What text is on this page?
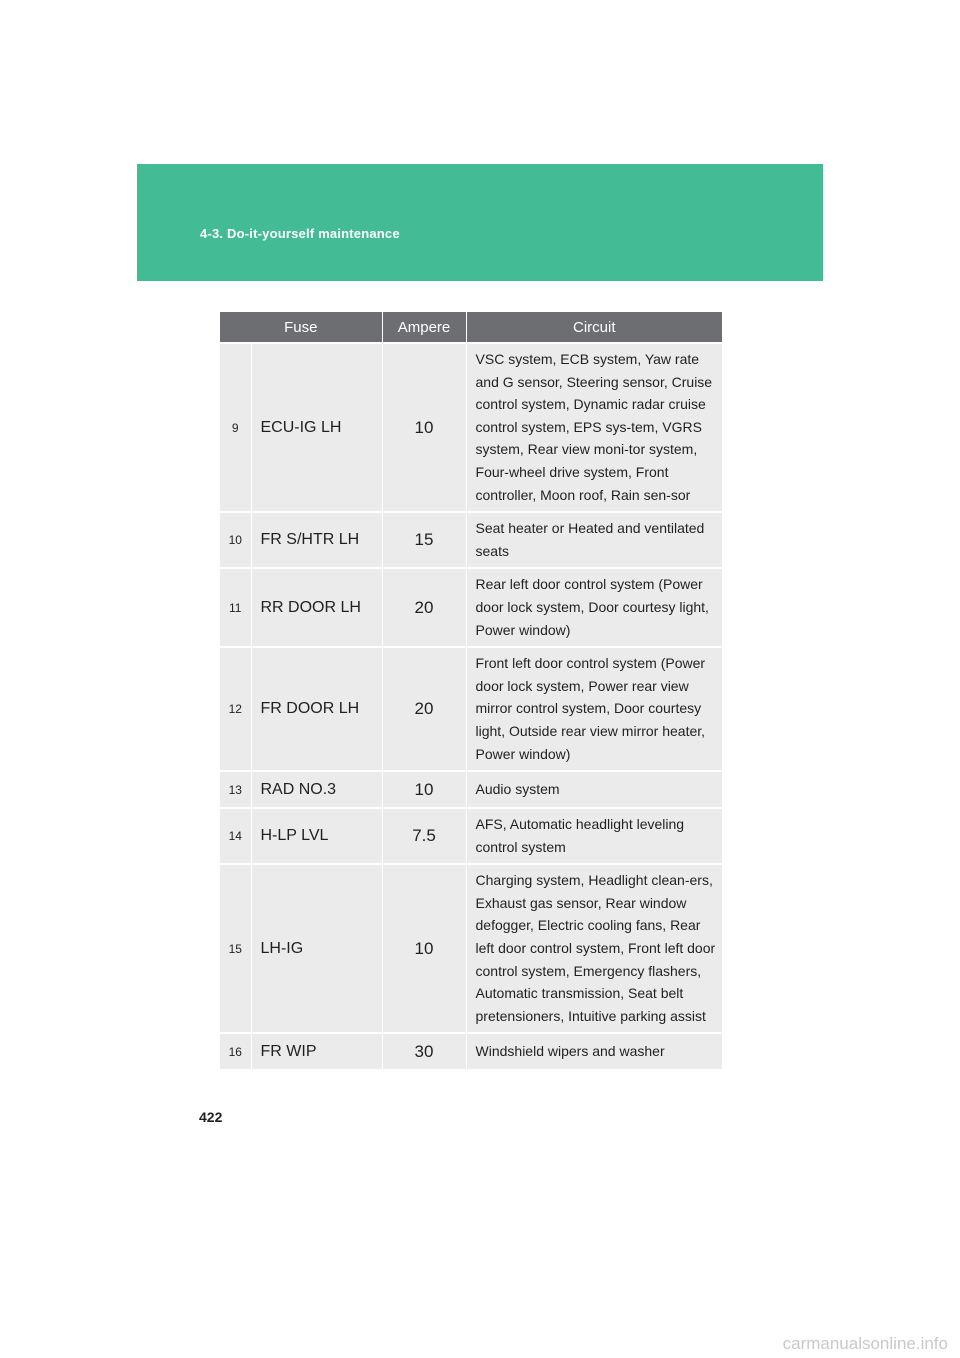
4-3. Do-it-yourself maintenance
Fuse		Ampere	Circuit
9	ECU-IG LH	10	VSC system, ECB system, Yaw rate and G sensor, Steering sensor, Cruise control system, Dynamic radar cruise control system, EPS sys-tem, VGRS system, Rear view moni-tor system, Four-wheel drive system, Front controller, Moon roof, Rain sen-sor
10	FR S/HTR LH	15	Seat heater or Heated and ventilated seats
11	RR DOOR LH	20	Rear left door control system (Power door lock system, Door courtesy light, Power window)
12	FR DOOR LH	20	Front left door control system (Power door lock system, Power rear view mirror control system, Door courtesy light, Outside rear view mirror heater, Power window)
13	RAD NO.3	10	Audio system
14	H-LP LVL	7.5	AFS, Automatic headlight leveling control system
15	LH-IG	10	Charging system, Headlight clean-ers, Exhaust gas sensor, Rear window defogger, Electric cooling fans, Rear left door control system, Front left door control system, Emergency flashers, Automatic transmission, Seat belt pretensioners, Intuitive parking assist
16	FR WIP	30	Windshield wipers and washer
422
carmanualsonline.info
